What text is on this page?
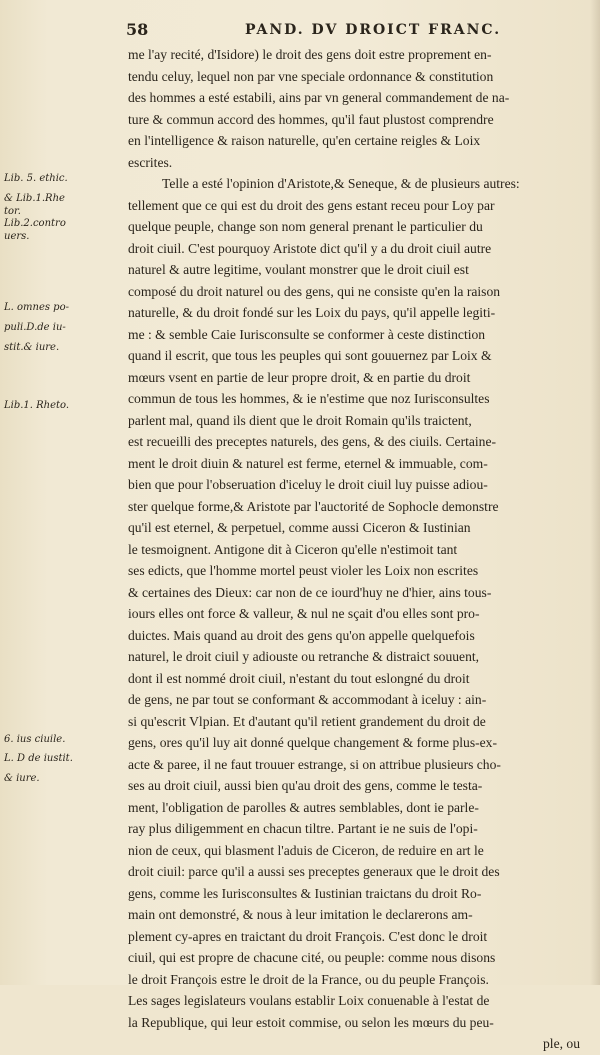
58	PAND. DV DROICT FRANC.
Lib. 5. ethic.
& Lib.1.Rhe
tor.
Lib.2.contro
uers.
L. omnes po-
puli.D.de iu-
stit.& iure.
Lib.1. Rheto.
6. ius ciuile.
L. D de iustit.
& iure.
me l'ay recité, d'Isidore) le droit des gens doit estre proprement en-
tendu celuy, lequel non par vne speciale ordonnance & constitution
des hommes a esté estabili, ains par vn general commandement de na-
ture & commun accord des hommes, qu'il faut plustost comprendre
en l'intelligence & raison naturelle, qu'en certaine reigles & Loix
escrites.
Telle a esté l'opinion d'Aristote,& Seneque, & de plusieurs autres:
tellement que ce qui est du droit des gens estant receu pour Loy par
quelque peuple, change son nom general prenant le particulier du
droit ciuil. C'est pourquoy Aristote dict qu'il y a du droit ciuil autre
naturel & autre legitime, voulant monstrer que le droit ciuil est
composé du droit naturel ou des gens, qui ne consiste qu'en la raison
naturelle, & du droit fondé sur les Loix du pays, qu'il appelle legiti-
me : & semble Caie Iurisconsulte se conformer à ceste distinction
quand il escrit, que tous les peuples qui sont gouuernez par Loix &
mœurs vsent en partie de leur propre droit, & en partie du droit
commun de tous les hommes, & ie n'estime que noz Iurisconsultes
parlent mal, quand ils dient que le droit Romain qu'ils traictent,
est recueilli des preceptes naturels, des gens, & des ciuils. Certaine-
ment le droit diuin & naturel est ferme, eternel & immuable, com-
bien que pour l'obseruation d'iceluy le droit ciuil luy puisse adiou-
ster quelque forme,& Aristote par l'auctorité de Sophocle demonstre
qu'il est eternel, & perpetuel, comme aussi Ciceron & Iustinian
le tesmoignent. Antigone dit à Ciceron qu'elle n'estimoit tant
ses edicts, que l'homme mortel peust violer les Loix non escrites
& certaines des Dieux: car non de ce iourd'huy ne d'hier, ains tous-
iours elles ont force & valleur, & nul ne sçait d'ou elles sont pro-
duictes. Mais quand au droit des gens qu'on appelle quelquefois
naturel, le droit ciuil y adiouste ou retranche & distraict souuent,
dont il est nommé droit ciuil, n'estant du tout eslongné du droit
de gens, ne par tout se conformant & accommodant à iceluy : ain-
si qu'escrit Vlpian. Et d'autant qu'il retient grandement du droit de
gens, ores qu'il luy ait donné quelque changement & forme plus-ex-
acte & paree, il ne faut trouuer estrange, si on attribue plusieurs cho-
ses au droit ciuil, aussi bien qu'au droit des gens, comme le testa-
ment, l'obligation de parolles & autres semblables, dont ie parle-
ray plus diligemment en chacun tiltre. Partant ie ne suis de l'opi-
nion de ceux, qui blasment l'aduis de Ciceron, de reduire en art le
droit ciuil: parce qu'il a aussi ses preceptes generaux que le droit des
gens, comme les Iurisconsultes & Iustinian traictans du droit Ro-
main ont demonstré, & nous à leur imitation le declarerons am-
plement cy-apres en traictant du droit François. C'est donc le droit
ciuil, qui est propre de chacune cité, ou peuple: comme nous disons
le droit François estre le droit de la France, ou du peuple François.
Les sages legislateurs voulans establir Loix conuenable à l'estat de
la Republique, qui leur estoit commise, ou selon les mœurs du peu-
ple, ou
